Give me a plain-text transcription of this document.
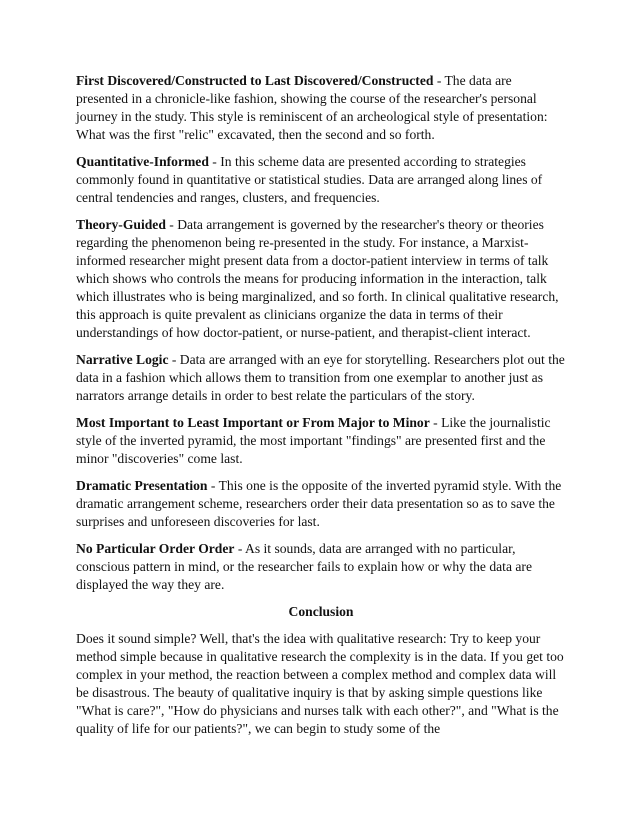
First Discovered/Constructed to Last Discovered/Constructed - The data are presented in a chronicle-like fashion, showing the course of the researcher's personal journey in the study. This style is reminiscent of an archeological style of presentation: What was the first "relic" excavated, then the second and so forth.

Quantitative-Informed - In this scheme data are presented according to strategies commonly found in quantitative or statistical studies. Data are arranged along lines of central tendencies and ranges, clusters, and frequencies.

Theory-Guided - Data arrangement is governed by the researcher's theory or theories regarding the phenomenon being re-presented in the study. For instance, a Marxist-informed researcher might present data from a doctor-patient interview in terms of talk which shows who controls the means for producing information in the interaction, talk which illustrates who is being marginalized, and so forth. In clinical qualitative research, this approach is quite prevalent as clinicians organize the data in terms of their understandings of how doctor-patient, or nurse-patient, and therapist-client interact.

Narrative Logic - Data are arranged with an eye for storytelling. Researchers plot out the data in a fashion which allows them to transition from one exemplar to another just as narrators arrange details in order to best relate the particulars of the story.

Most Important to Least Important or From Major to Minor - Like the journalistic style of the inverted pyramid, the most important "findings" are presented first and the minor "discoveries" come last.

Dramatic Presentation - This one is the opposite of the inverted pyramid style. With the dramatic arrangement scheme, researchers order their data presentation so as to save the surprises and unforeseen discoveries for last.

No Particular Order Order - As it sounds, data are arranged with no particular, conscious pattern in mind, or the researcher fails to explain how or why the data are displayed the way they are.

Conclusion

Does it sound simple? Well, that's the idea with qualitative research: Try to keep your method simple because in qualitative research the complexity is in the data. If you get too complex in your method, the reaction between a complex method and complex data will be disastrous. The beauty of qualitative inquiry is that by asking simple questions like "What is care?", "How do physicians and nurses talk with each other?", and "What is the quality of life for our patients?", we can begin to study some of the
